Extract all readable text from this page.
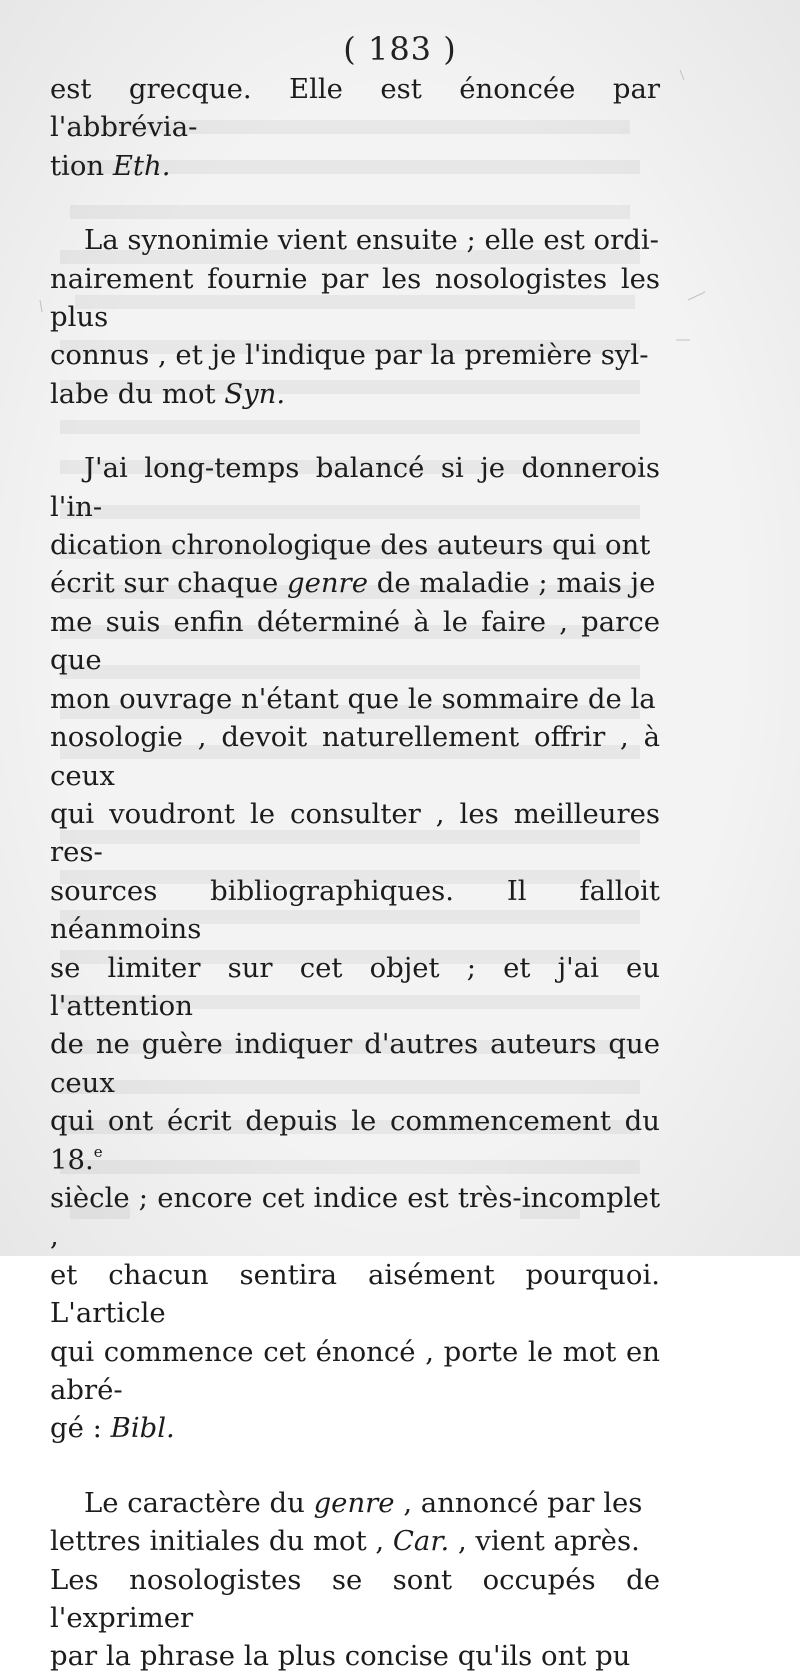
( 183 )

est grecque. Elle est énoncée par l'abbrévia-
tion Eth.

La synonimie vient ensuite ; elle est ordi-
nairement fournie par les nosologistes les plus
connus , et je l'indique par la première syl-
labe du mot Syn.

J'ai long-temps balancé si je donnerois l'in-
dication chronologique des auteurs qui ont
écrit sur chaque genre de maladie ; mais je
me suis enfin déterminé à le faire , parce que
mon ouvrage n'étant que le sommaire de la
nosologie , devoit naturellement offrir , à ceux
qui voudront le consulter , les meilleures res-
sources bibliographiques. Il falloit néanmoins
se limiter sur cet objet ; et j'ai eu l'attention
de ne guère indiquer d'autres auteurs que ceux
qui ont écrit depuis le commencement du 18.$^e$
siècle ; encore cet indice est très-incomplet ,
et chacun sentira aisément pourquoi. L'article
qui commence cet énoncé , porte le mot en abré-
gé : Bibl.

Le caractère du genre , annoncé par les
lettres initiales du mot , Car. , vient après.
Les nosologistes se sont occupés de l'exprimer
par la phrase la plus concise qu'ils ont pu
